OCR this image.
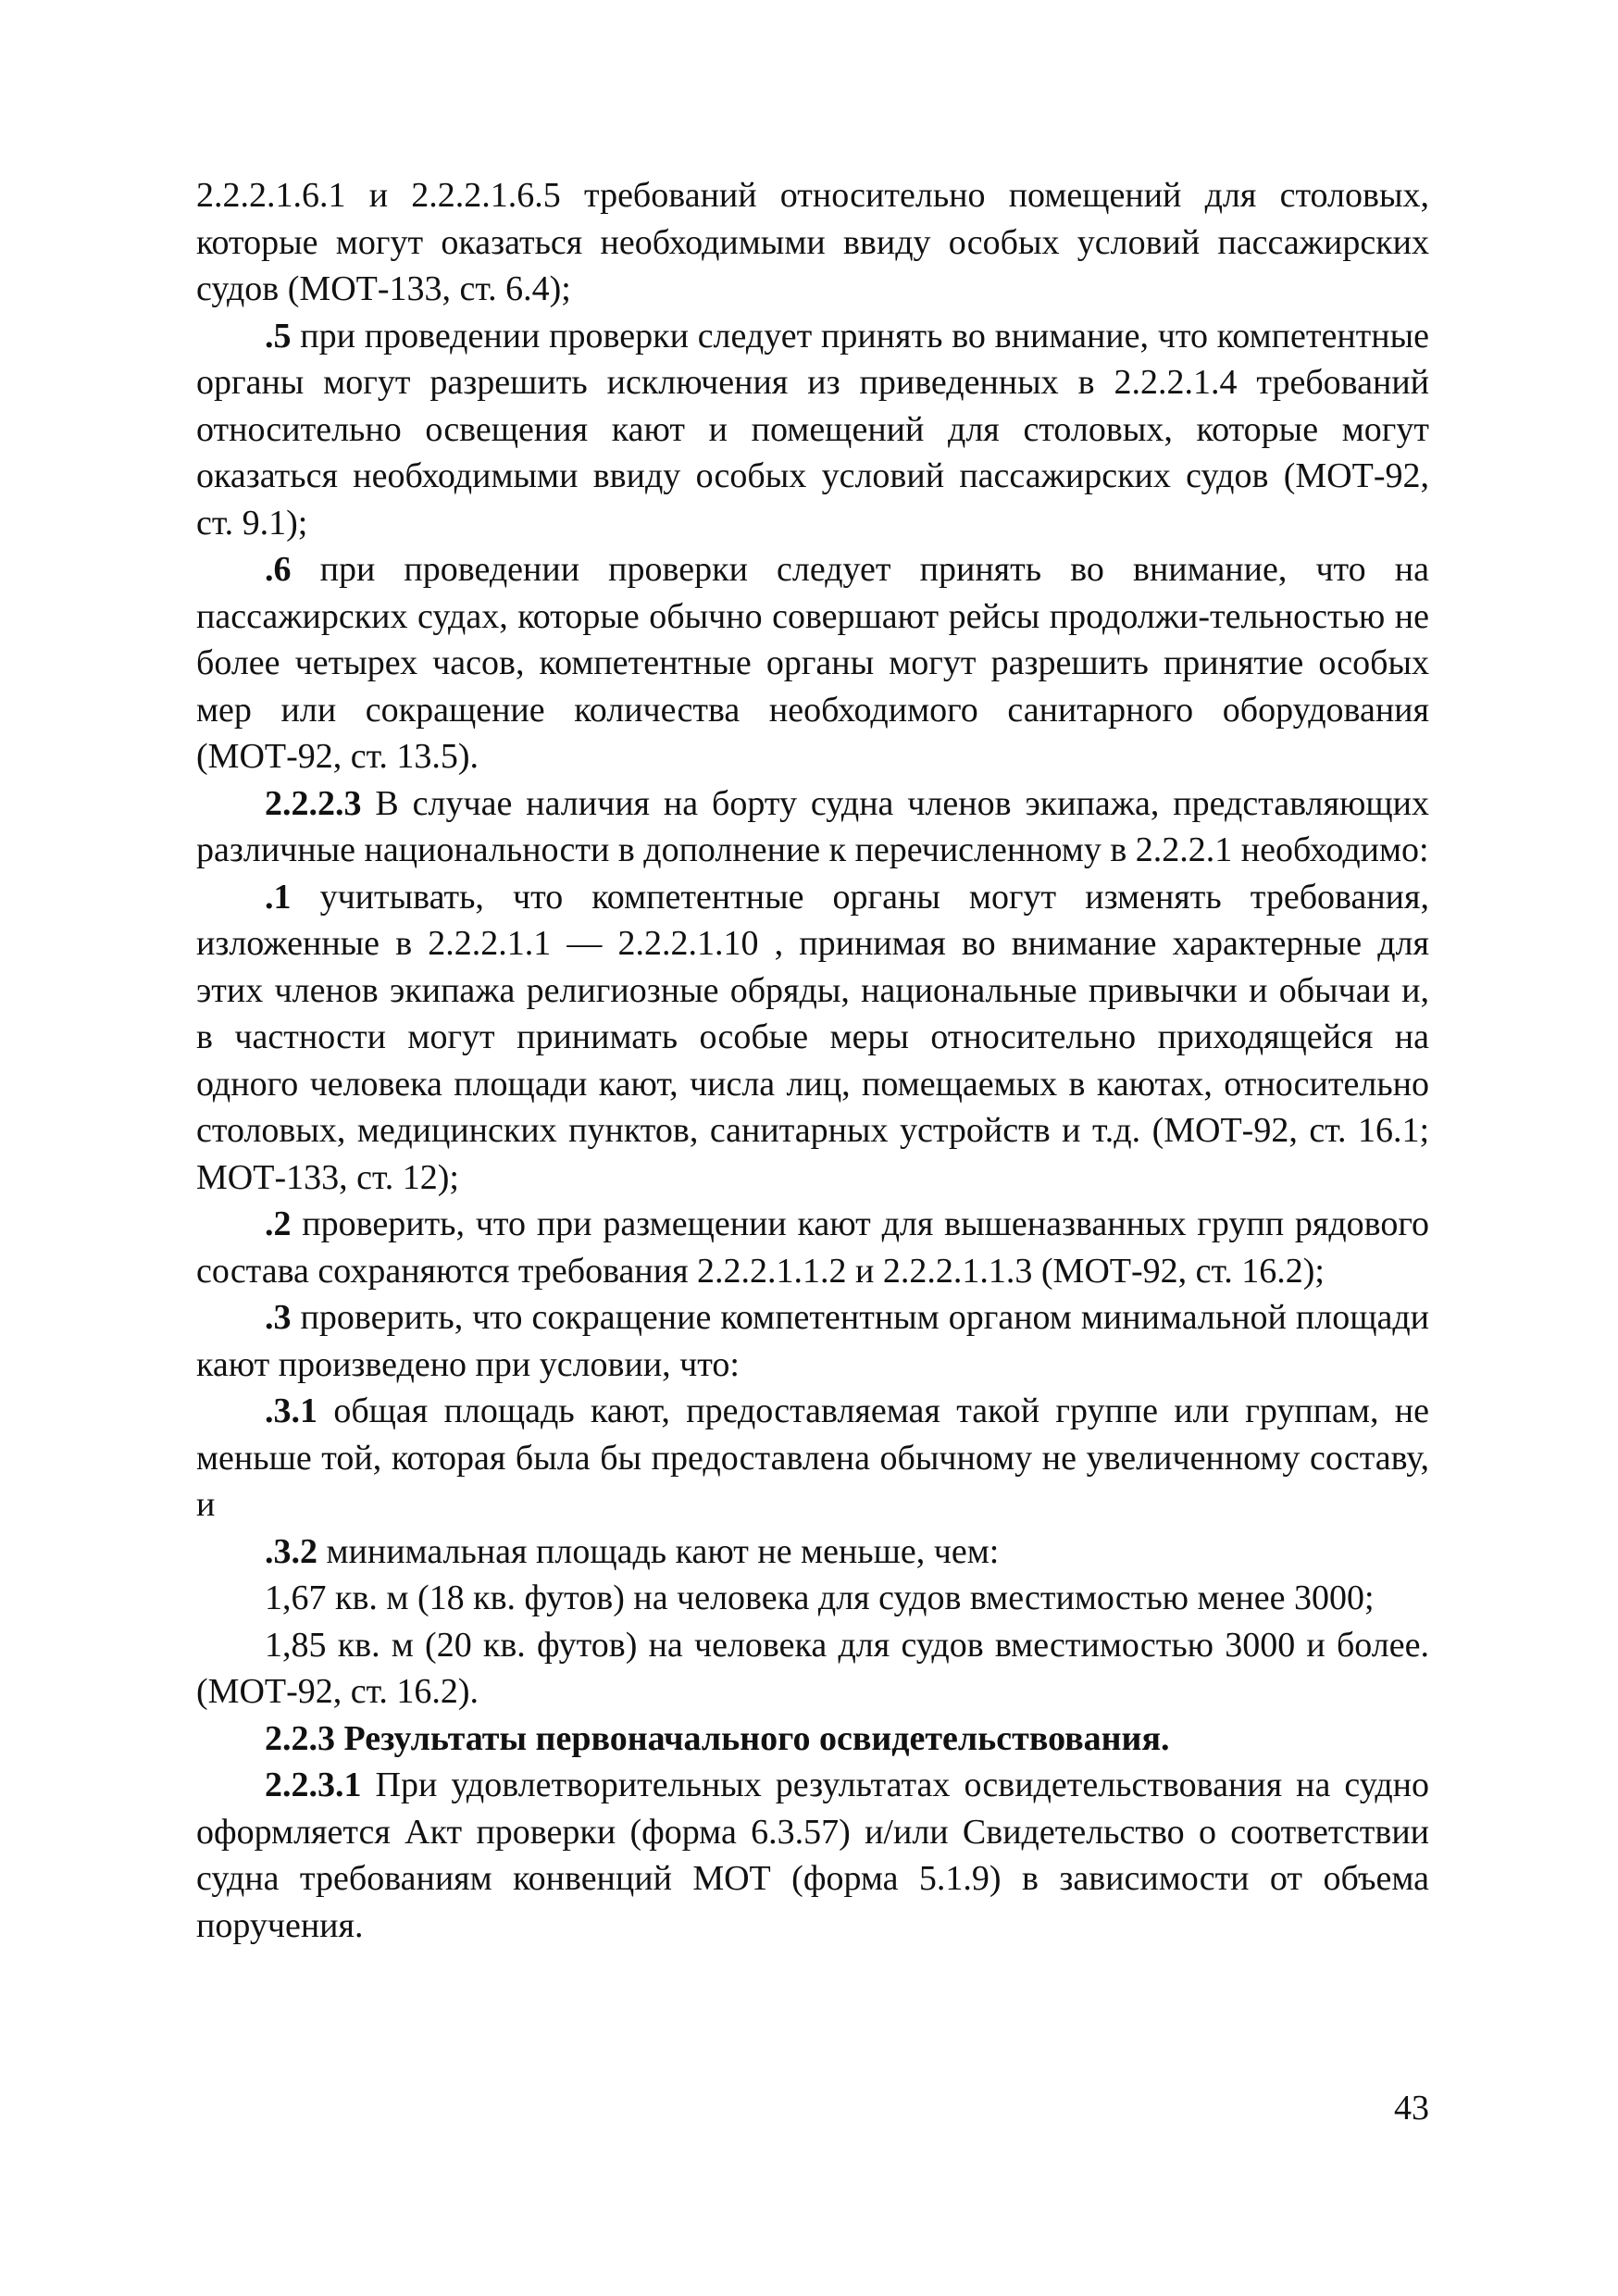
2.2.2.1.6.1 и 2.2.2.1.6.5 требований относительно помещений для столовых, которые могут оказаться необходимыми ввиду особых условий пассажирских судов (МОТ-133, ст. 6.4);

.5 при проведении проверки следует принять во внимание, что компетентные органы могут разрешить исключения из приведенных в 2.2.2.1.4 требований относительно освещения кают и помещений для столовых, которые могут оказаться необходимыми ввиду особых условий пассажирских судов (МОТ-92, ст. 9.1);

.6 при проведении проверки следует принять во внимание, что на пассажирских судах, которые обычно совершают рейсы продолжи-тельностью не более четырех часов, компетентные органы могут разрешить принятие особых мер или сокращение количества необходимого санитарного оборудования (МОТ-92, ст. 13.5).

2.2.2.3 В случае наличия на борту судна членов экипажа, представляющих различные национальности в дополнение к перечисленному в 2.2.2.1 необходимо:

.1 учитывать, что компетентные органы могут изменять требования, изложенные в 2.2.2.1.1 — 2.2.2.1.10 , принимая во внимание характерные для этих членов экипажа религиозные обряды, национальные привычки и обычаи и, в частности могут принимать особые меры относительно приходящейся на одного человека площади кают, числа лиц, помещаемых в каютах, относительно столовых, медицинских пунктов, санитарных устройств и т.д. (МОТ-92, ст. 16.1; МОТ-133, ст. 12);

.2 проверить, что при размещении кают для вышеназванных групп рядового состава сохраняются требования 2.2.2.1.1.2 и 2.2.2.1.1.3 (МОТ-92, ст. 16.2);

.3 проверить, что сокращение компетентным органом минимальной площади кают произведено при условии, что:

.3.1 общая площадь кают, предоставляемая такой группе или группам, не меньше той, которая была бы предоставлена обычному не увеличенному составу, и

.3.2 минимальная площадь кают не меньше, чем:

1,67 кв. м (18 кв. футов) на человека для судов вместимостью менее 3000;

1,85 кв. м (20 кв. футов) на человека для судов вместимостью 3000 и более. (МОТ-92, ст. 16.2).

2.2.3 Результаты первоначального освидетельствования.

2.2.3.1 При удовлетворительных результатах освидетельствования на судно оформляется Акт проверки (форма 6.3.57) и/или Свидетельство о соответствии судна требованиям конвенций МОТ (форма 5.1.9) в зависимости от объема поручения.

43
